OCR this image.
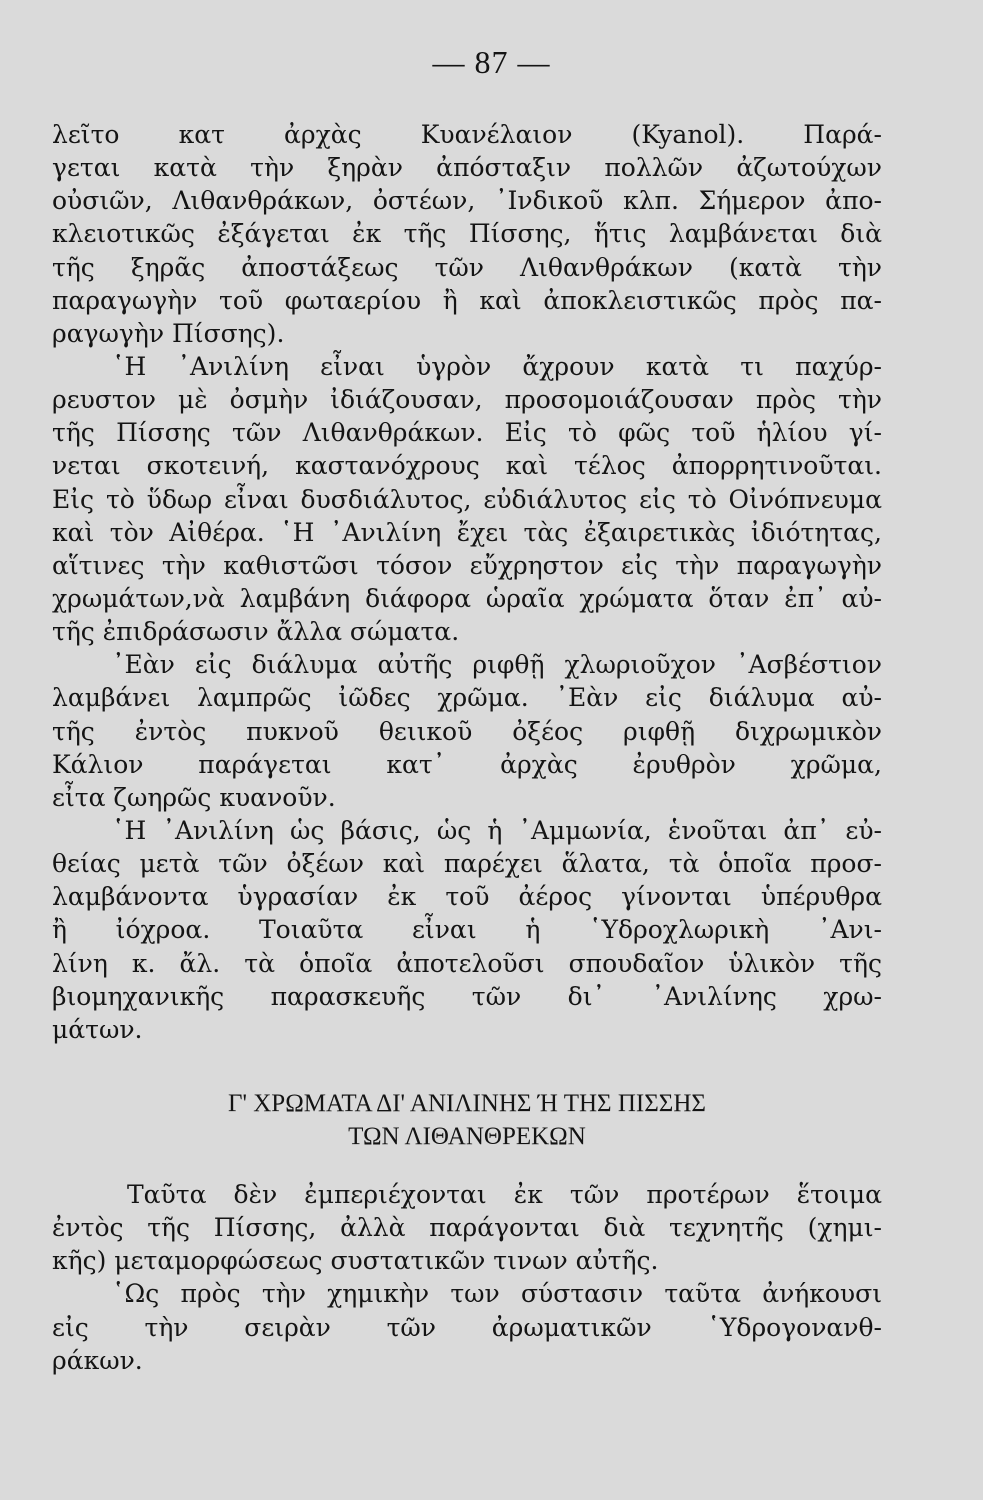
— 87 —
λεῖτο κατ ἀρχὰς Κυανέλαιον (Kyanol). Παρά-
γεται κατὰ τὴν ξηρὰν ἀπόσταξιν πολλῶν ἀζωτούχων
οὐσιῶν, Λιθανθράκων, ὀστέων, ᾿Ινδικοῦ κλπ. Σήμερον ἀπο-
κλειοτικῶς ἐξάγεται ἐκ τῆς Πίσσης, ἥτις λαμβάνεται διὰ
τῆς ξηρᾶς ἀποστάξεως τῶν Λιθανθράκων (κατὰ τὴν
παραγωγὴν τοῦ φωταερίου ἢ καὶ ἀποκλειστικῶς πρὸς πα-
ραγωγὴν Πίσσης).
῾Η ᾿Ανιλίνη εἶναι ὑγρὸν ἄχρουν κατὰ τι παχύρ-
ρευστον μὲ ὀσμὴν ἰδιάζουσαν, προσομοιάζουσαν πρὸς τὴν
τῆς Πίσσης τῶν Λιθανθράκων. Εἰς τὸ φῶς τοῦ ἡλίου γί-
νεται σκοτεινή, καστανόχρους καὶ τέλος ἀπορρητινοῦται.
Εἰς τὸ ὕδωρ εἶναι δυσδιάλυτος, εὐδιάλυτος εἰς τὸ Οἰνόπνευμα
καὶ τὸν Αἰθέρα. ῾Η ᾿Ανιλίνη ἔχει τὰς ἐξαιρετικὰς ἰδιότητας,
αἵτινες τὴν καθιστῶσι τόσον εὔχρηστον εἰς τὴν παραγωγὴν
χρωμάτων,νὰ λαμβάνη διάφορα ὡραῖα χρώματα ὅταν ἐπ᾿ αὐ-
τῆς ἐπιδράσωσιν ἄλλα σώματα.
᾿Εὰν εἰς διάλυμα αὐτῆς ριφθῇ χλωριοῦχον ᾿Ασβέστιον
λαμβάνει λαμπρῶς ἰῶδες χρῶμα. ᾿Εὰν εἰς διάλυμα αὐ-
τῆς ἐντὸς πυκνοῦ θειικοῦ ὀξέος ριφθῇ διχρωμικὸν
Κάλιον παράγεται κατ᾿ ἀρχὰς ἐρυθρὸν χρῶμα,
εἶτα ζωηρῶς κυανοῦν.
῾Η ᾿Ανιλίνη ὡς βάσις, ὡς ἡ ᾿Αμμωνία, ἑνοῦται ἀπ᾿ εὐ-
θείας μετὰ τῶν ὀξέων καὶ παρέχει ἅλατα, τὰ ὁποῖα προσ-
λαμβάνοντα ὑγρασίαν ἐκ τοῦ ἀέρος γίνονται ὑπέρυθρα
ἢ ἰόχροα. Τοιαῦτα εἶναι ἡ ῾Υδροχλωρικὴ ᾿Ανι-
λίνη κ. ἄλ. τὰ ὁποῖα ἀποτελοῦσι σπουδαῖον ὑλικὸν τῆς
βιομηχανικῆς παρασκευῆς τῶν δι᾿ ᾿Ανιλίνης χρω-
μάτων.
Γ' ΧΡΩΜΑΤΑ ΔΙ' ΑΝΙΛΙΝΗΣ Ή ΤΗΣ ΠΙΣΣΗΣ
ΤΩΝ ΛΙΘΑΝΘΡΕΚΩΝ
Ταῦτα δὲν ἐμπεριέχονται ἐκ τῶν προτέρων ἕτοιμα
ἐντὸς τῆς Πίσσης, ἀλλὰ παράγονται διὰ τεχνητῆς (χημι-
κῆς) μεταμορφώσεως συστατικῶν τινων αὐτῆς.
῾Ως πρὸς τὴν χημικὴν των σύστασιν ταῦτα ἀνήκουσι
εἰς τὴν σειρὰν τῶν ἀρωματικῶν ῾Υδρογονανθ-
ράκων.
